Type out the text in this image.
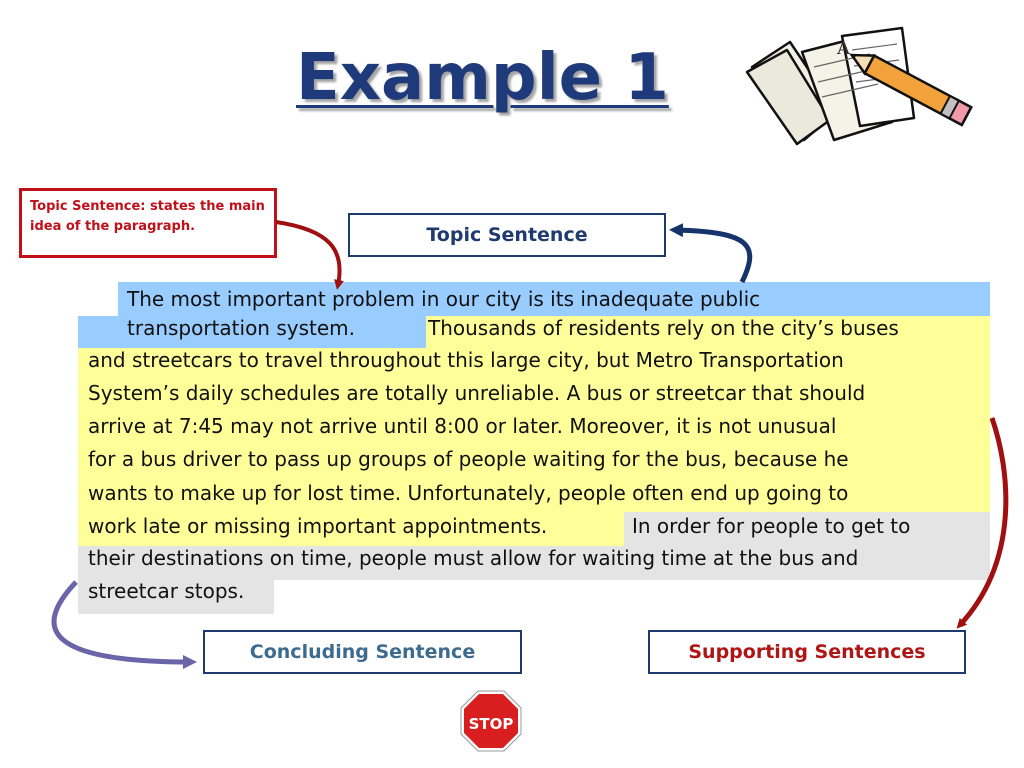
Example 1	A
Topic Sentence: states the main idea of the paragraph.	Topic Sentence
Concluding Sentence	Supporting Sentences
The most important problem in our city is its inadequate public
transportation system.	Thousands of residents rely on the city’s buses
and streetcars to travel throughout this large city, but Metro Transportation
System’s daily schedules are totally unreliable. A bus or streetcar that should
arrive at 7:45 may not arrive until 8:00 or later. Moreover, it is not unusual
for a bus driver to pass up groups of people waiting for the bus, because he
wants to make up for lost time. Unfortunately, people often end up going to
work late or missing important appointments.	In order for people to get to
their destinations on time, people must allow for waiting time at the bus and
streetcar stops.
STOP
